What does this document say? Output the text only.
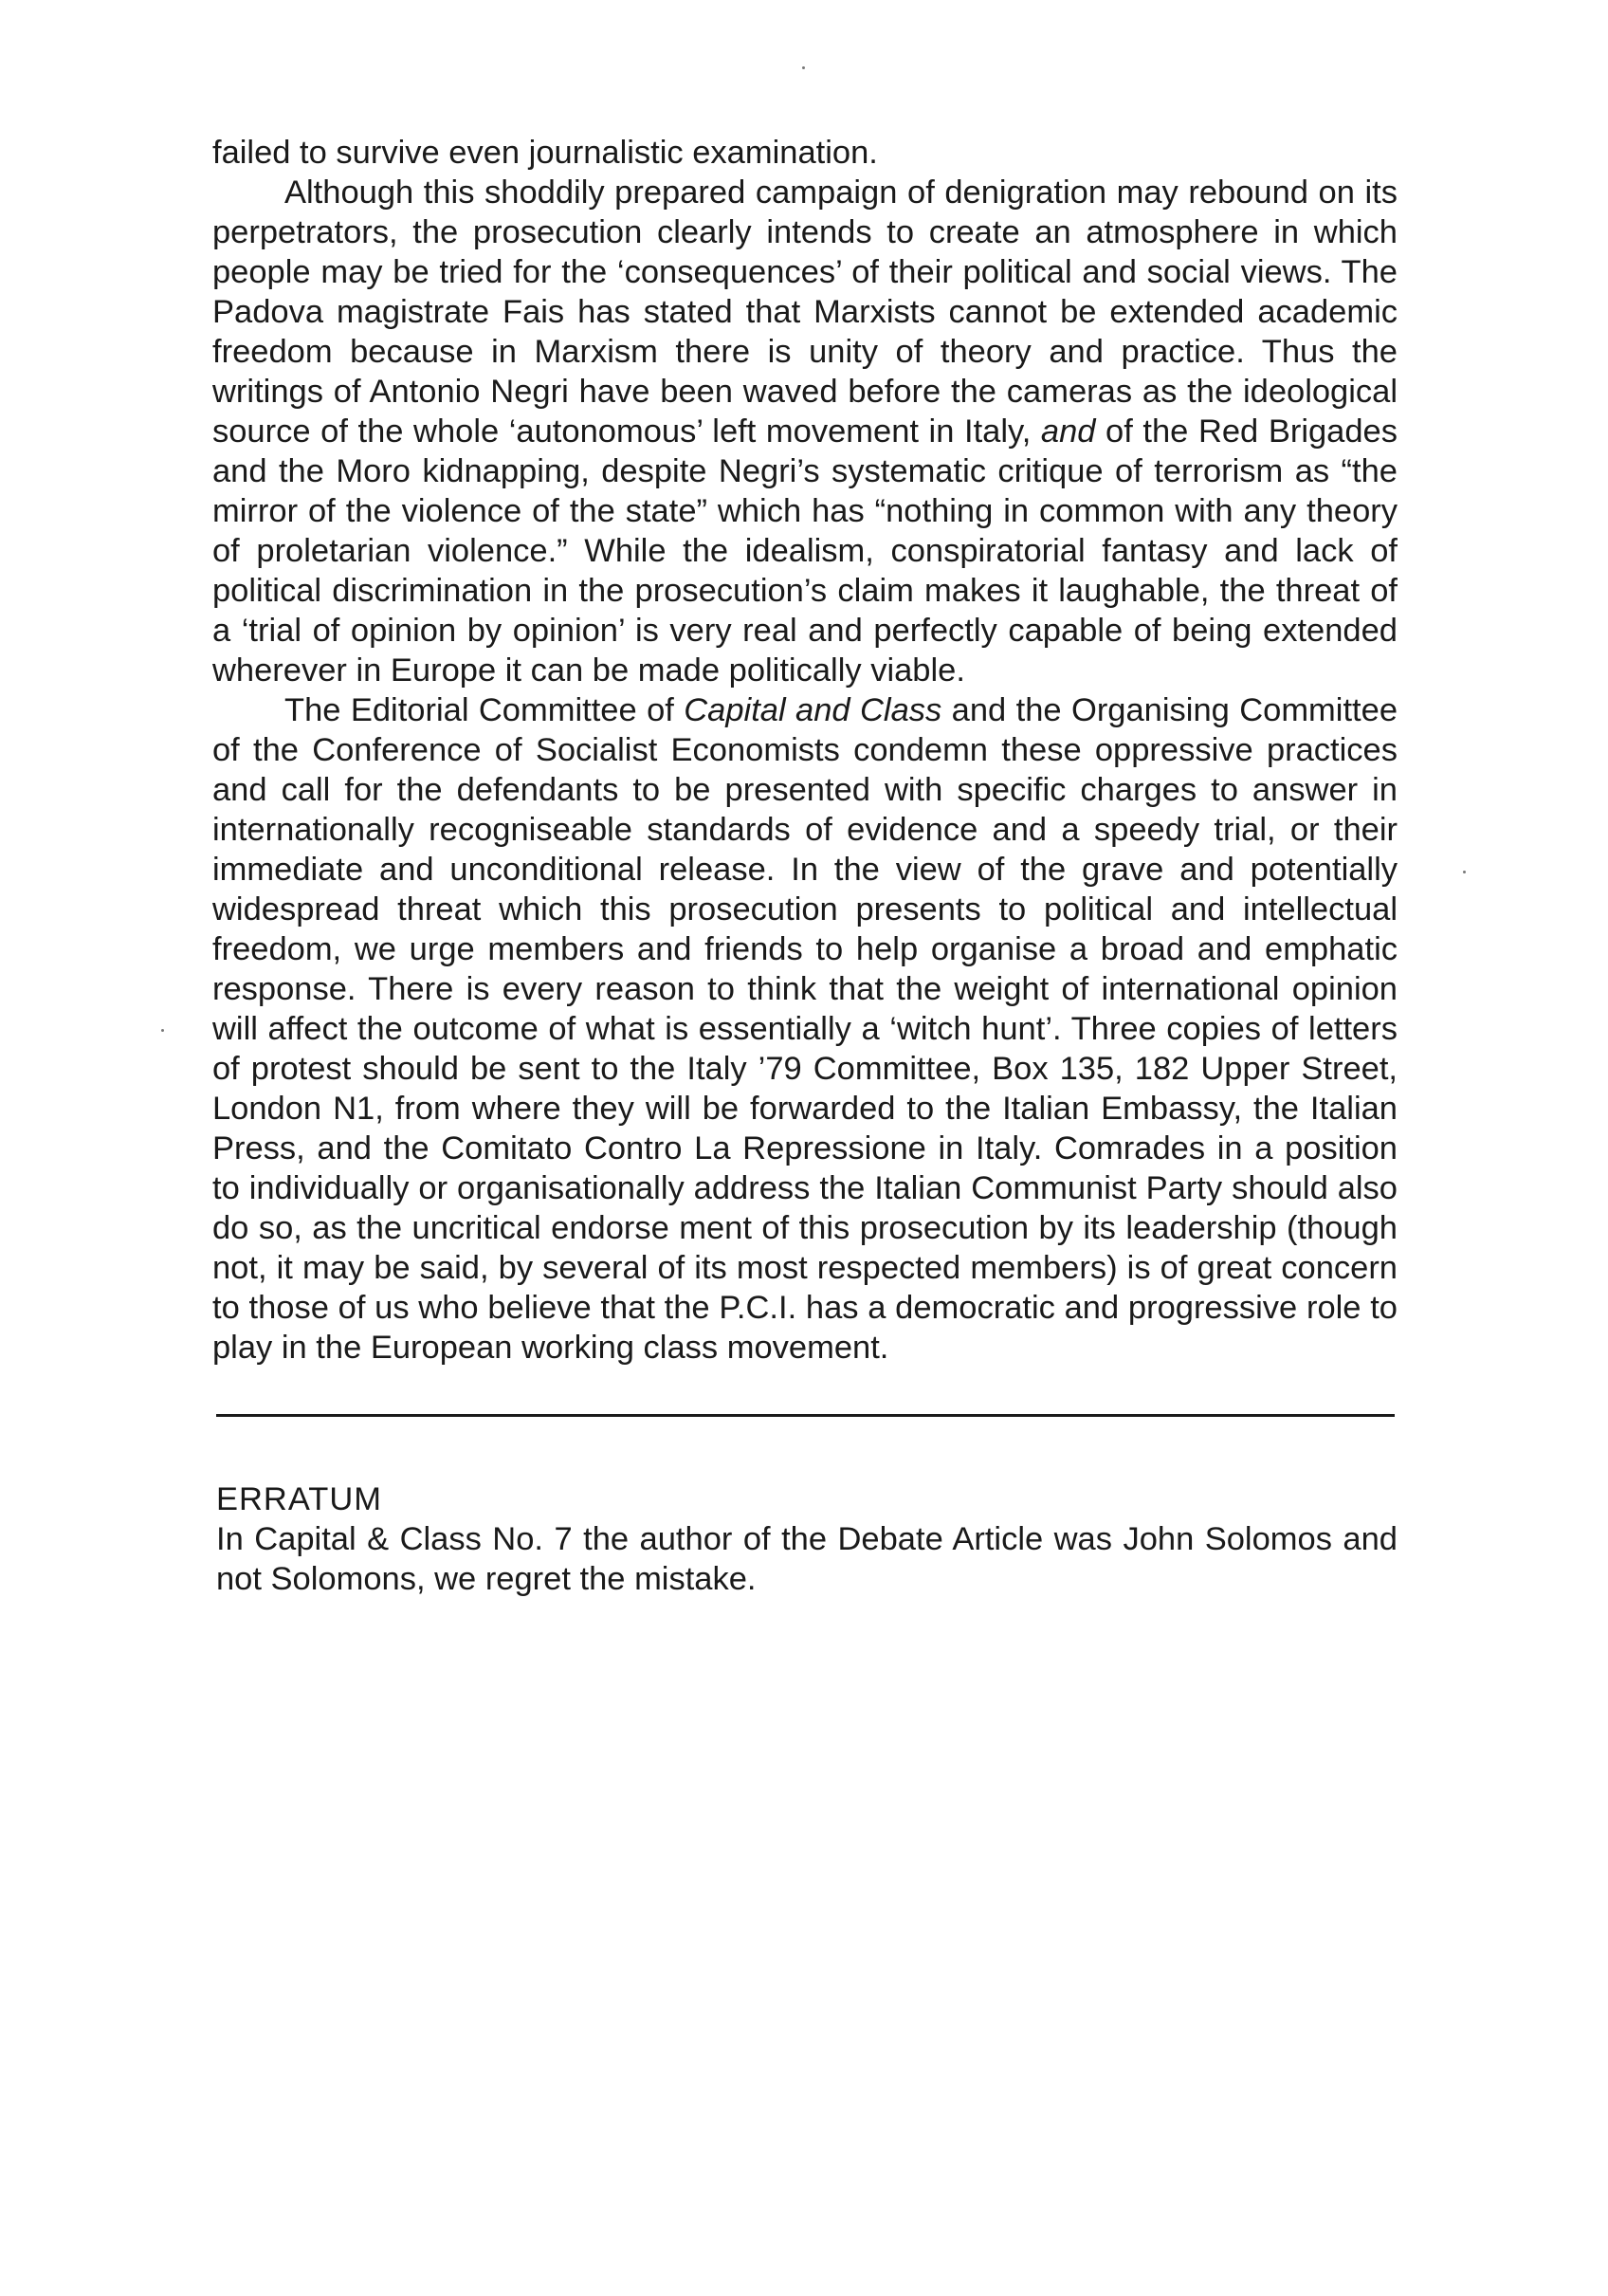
failed to survive even journalistic examination.

Although this shoddily prepared campaign of denigration may rebound on its perpetrators, the prosecution clearly intends to create an atmosphere in which people may be tried for the ‘consequences’ of their political and social views. The Padova magistrate Fais has stated that Marxists cannot be extended academic freedom because in Marxism there is unity of theory and practice. Thus the writings of Antonio Negri have been waved before the cameras as the ideological source of the whole ‘autonomous’ left movement in Italy, and of the Red Brigades and the Moro kidnapping, despite Negri’s systematic critique of terrorism as “the mirror of the violence of the state” which has “nothing in common with any theory of proletarian violence.” While the idealism, conspiratorial fantasy and lack of political discrimination in the prosecution’s claim makes it laughable, the threat of a ‘trial of opinion by opinion’ is very real and perfectly capable of being extended wherever in Europe it can be made politically viable.

The Editorial Committee of Capital and Class and the Organising Committee of the Conference of Socialist Economists condemn these oppressive practices and call for the defendants to be presented with specific charges to answer in internationally recogniseable standards of evidence and a speedy trial, or their immediate and unconditional release. In the view of the grave and potentially widespread threat which this prosecution presents to political and intellectual freedom, we urge members and friends to help organise a broad and emphatic response. There is every reason to think that the weight of international opinion will affect the outcome of what is essentially a ‘witch hunt’. Three copies of letters of protest should be sent to the Italy ’79 Committee, Box 135, 182 Upper Street, London N1, from where they will be forwarded to the Italian Embassy, the Italian Press, and the Comitato Contro La Repressione in Italy. Comrades in a position to individually or organisationally address the Italian Communist Party should also do so, as the uncritical endorse ment of this prosecution by its leadership (though not, it may be said, by several of its most respected members) is of great concern to those of us who believe that the P.C.I. has a democratic and progressive role to play in the European working class movement.

ERRATUM

In Capital & Class No. 7 the author of the Debate Article was John Solomos and not Solomons, we regret the mistake.
